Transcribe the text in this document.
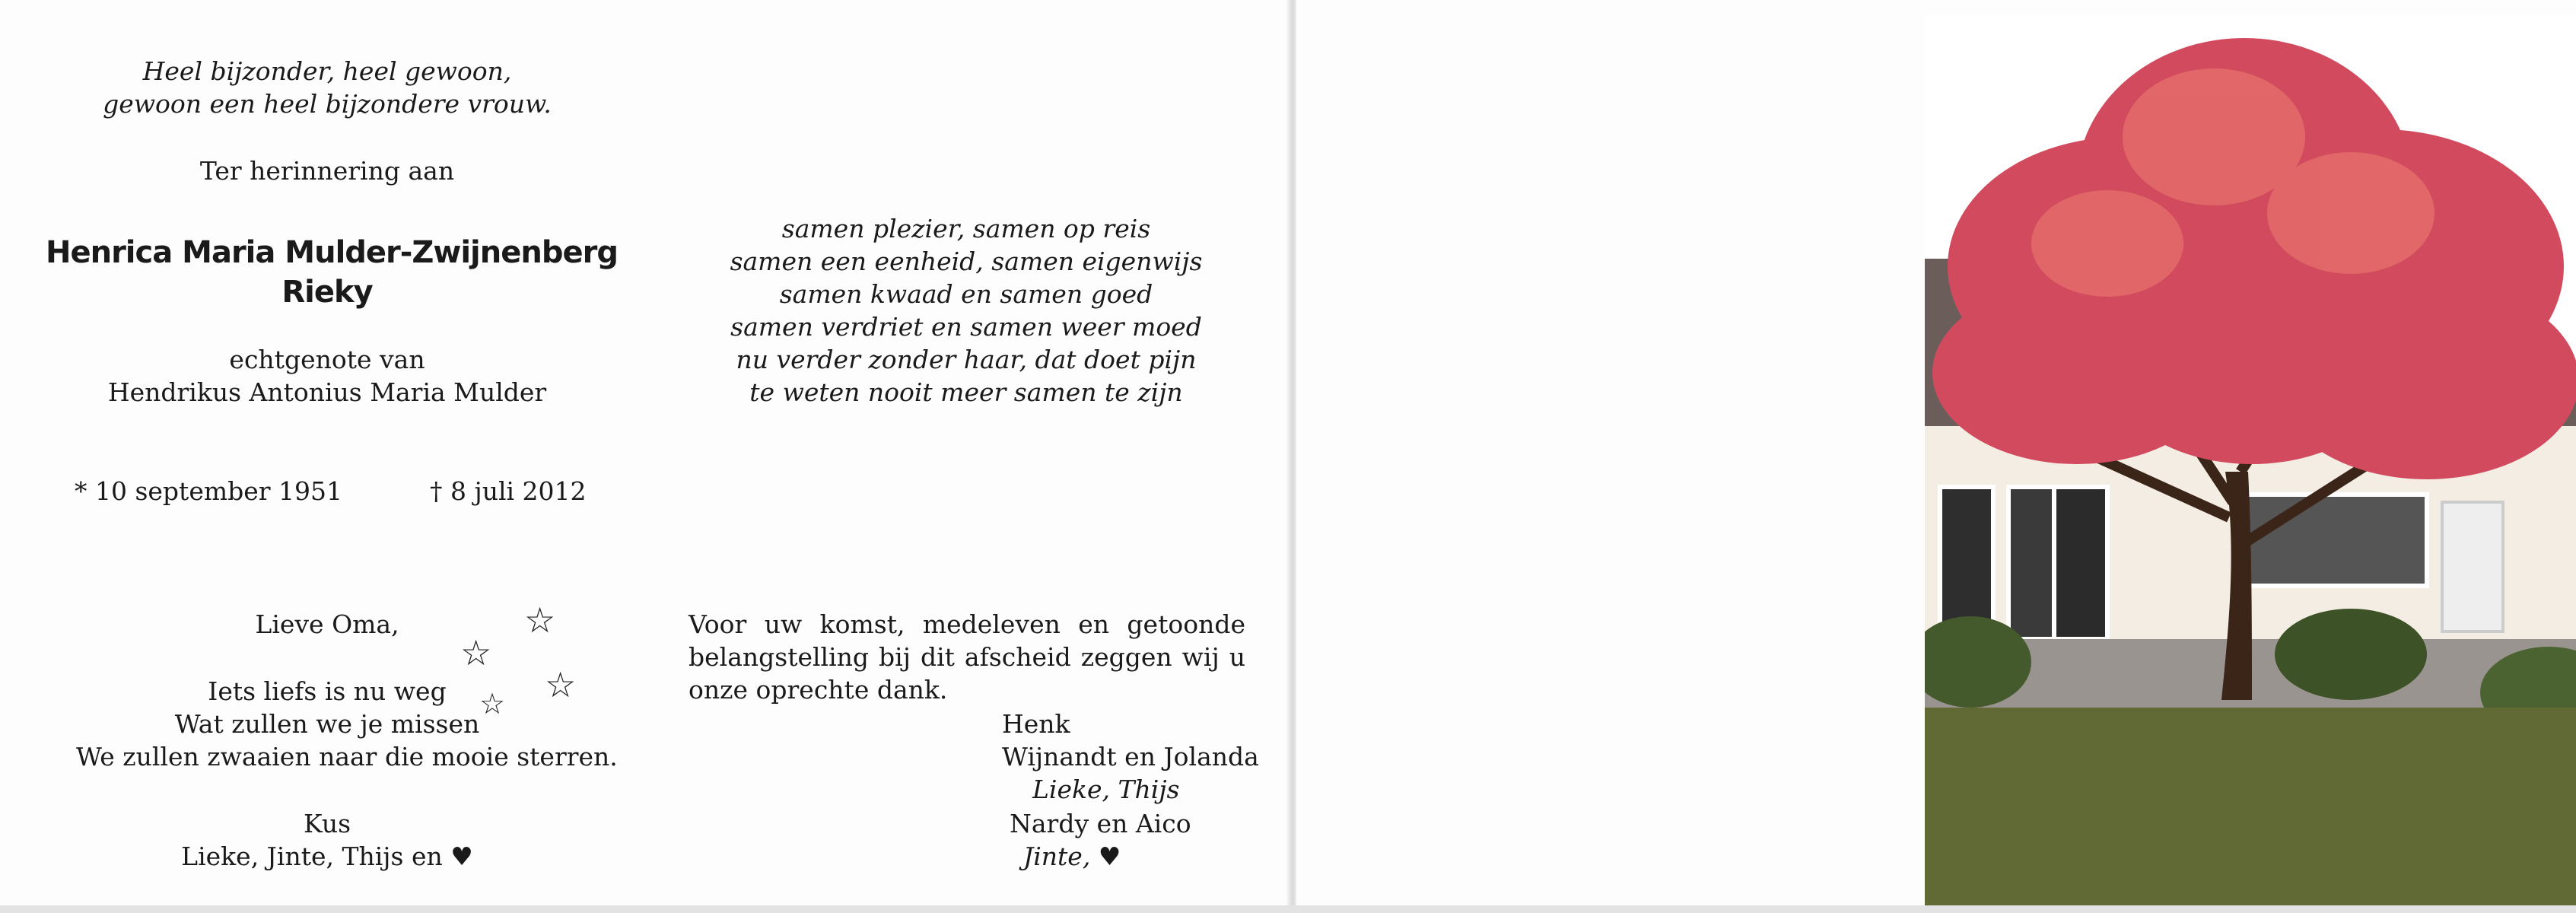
Heel bijzonder, heel gewoon,
gewoon een heel bijzondere vrouw.
Ter herinnering aan
Henrica Maria Mulder-Zwijnenberg
Rieky
echtgenote van
Hendrikus Antonius Maria Mulder
* 10 september 1951	† 8 juli 2012
Lieve Oma,
Iets liefs is nu weg
Wat zullen we je missen
We zullen zwaaien naar die mooie sterren.
Kus
Lieke, Jinte, Thijs en ♥
☆
☆
☆
☆
samen plezier, samen op reis
samen een eenheid, samen eigenwijs
samen kwaad en samen goed
samen verdriet en samen weer moed
nu verder zonder haar, dat doet pijn
te weten nooit meer samen te zijn
Voor uw komst, medeleven en getoonde belangstelling bij dit afscheid zeggen wij u onze oprechte dank.
Henk
Wijnandt en Jolanda
Lieke, Thijs
Nardy en Aico
Jinte, ♥
